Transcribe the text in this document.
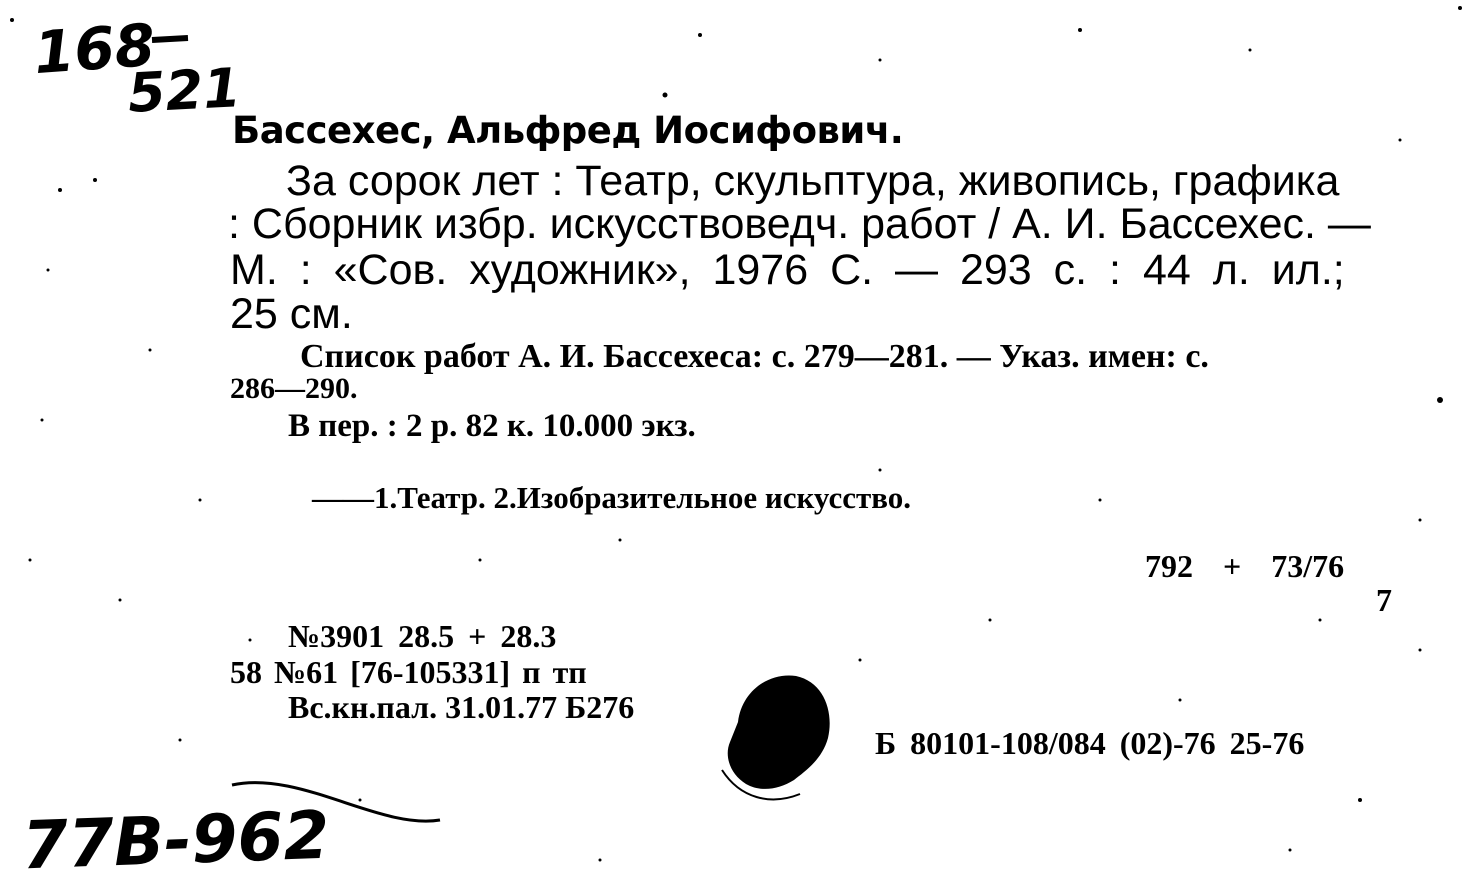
168
521
Бассехес, Альфред Иосифович.
За сорок лет : Театр, скульптура, живопись, графика
: Сборник избр. искусствоведч. работ / А. И. Бассехес. —
М. : «Сов. художник», 1976 С. — 293 с. : 44 л. ил.;
25 см.
Список работ А. И. Бассехеса: с. 279—281. — Указ. имен: с.
286—290.
В пер. : 2 р. 82 к. 10.000 экз.
——1.Театр. 2.Изобразительное искусство.
792 + 73/76
7
№3901 28.5 + 28.3
58 №61 [76-105331] п тп
Вс.кн.пал. 31.01.77 Б276
Б 80101-108/084 (02)-76 25-76
77B-962
